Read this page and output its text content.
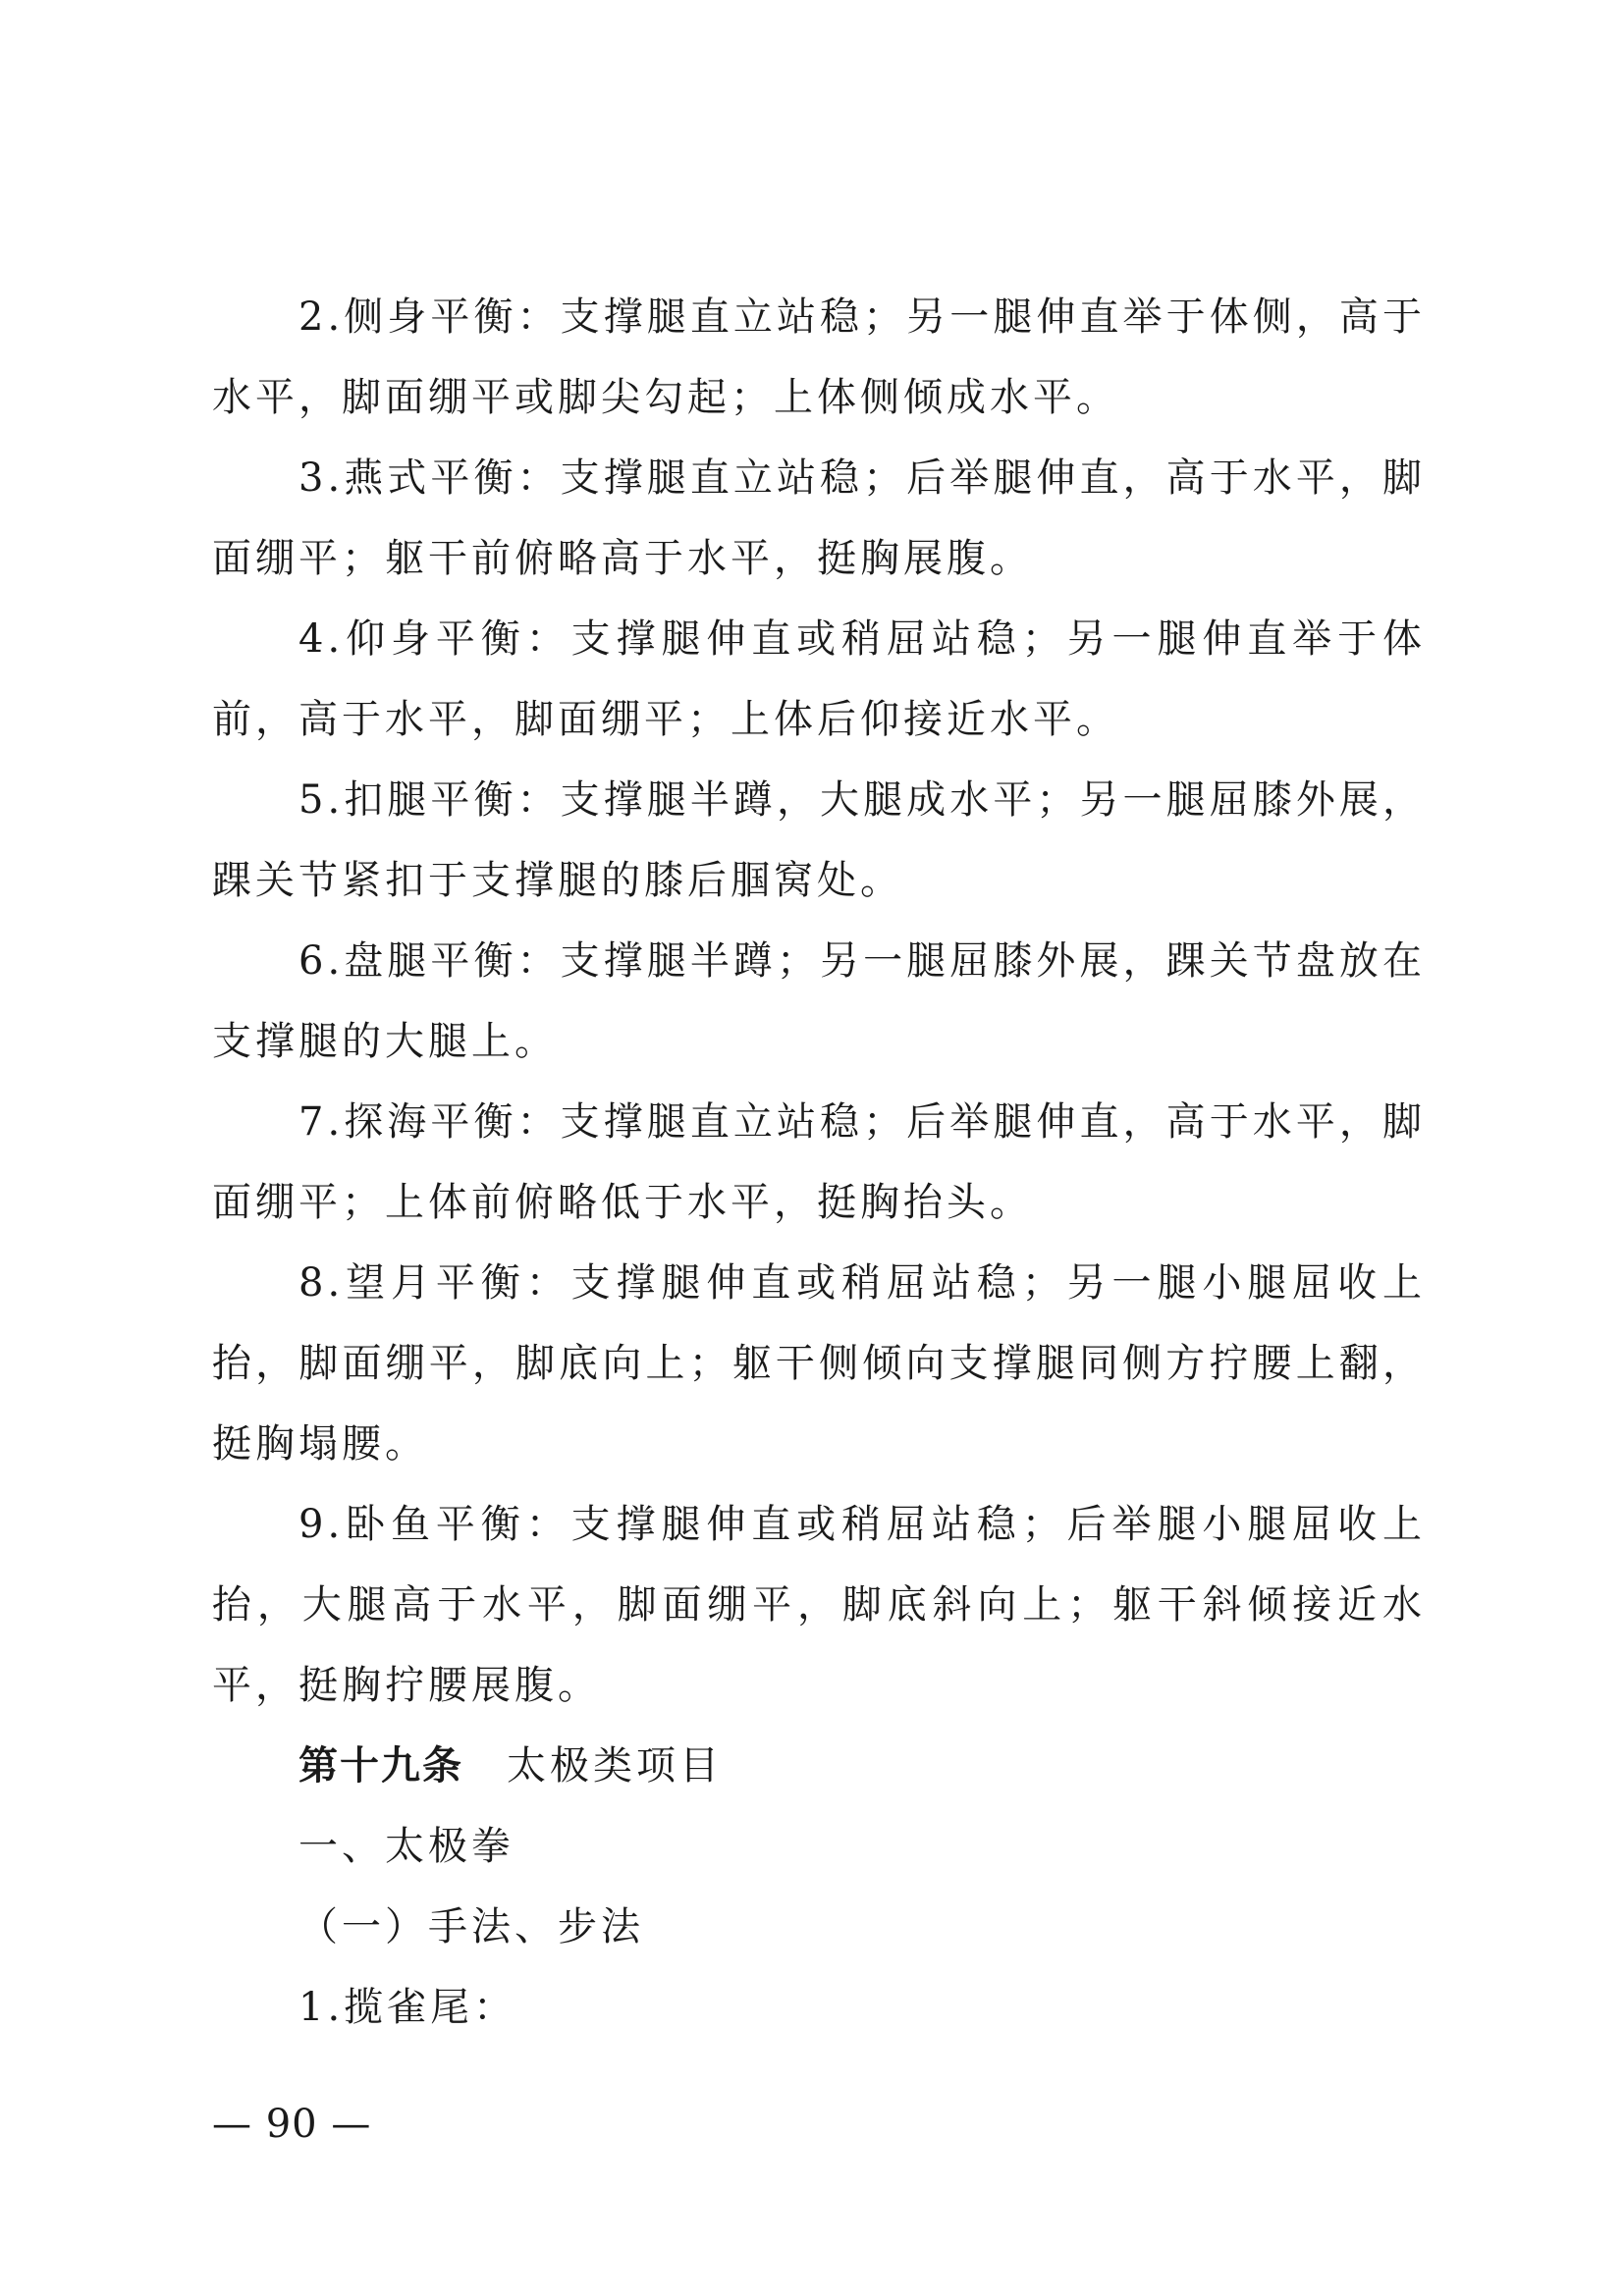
2.侧身平衡：支撑腿直立站稳；另一腿伸直举于体侧，高于水平，脚面绷平或脚尖勾起；上体侧倾成水平。

3.燕式平衡：支撑腿直立站稳；后举腿伸直，高于水平，脚面绷平；躯干前俯略高于水平，挺胸展腹。

4.仰身平衡：支撑腿伸直或稍屈站稳；另一腿伸直举于体前，高于水平，脚面绷平；上体后仰接近水平。

5.扣腿平衡：支撑腿半蹲，大腿成水平；另一腿屈膝外展，踝关节紧扣于支撑腿的膝后腘窝处。

6.盘腿平衡：支撑腿半蹲；另一腿屈膝外展，踝关节盘放在支撑腿的大腿上。

7.探海平衡：支撑腿直立站稳；后举腿伸直，高于水平，脚面绷平；上体前俯略低于水平，挺胸抬头。

8.望月平衡：支撑腿伸直或稍屈站稳；另一腿小腿屈收上抬，脚面绷平，脚底向上；躯干侧倾向支撑腿同侧方拧腰上翻，挺胸塌腰。

9.卧鱼平衡：支撑腿伸直或稍屈站稳；后举腿小腿屈收上抬，大腿高于水平，脚面绷平，脚底斜向上；躯干斜倾接近水平，挺胸拧腰展腹。

第十九条 太极类项目

一、太极拳

（一）手法、步法

1.揽雀尾：

— 90 —
